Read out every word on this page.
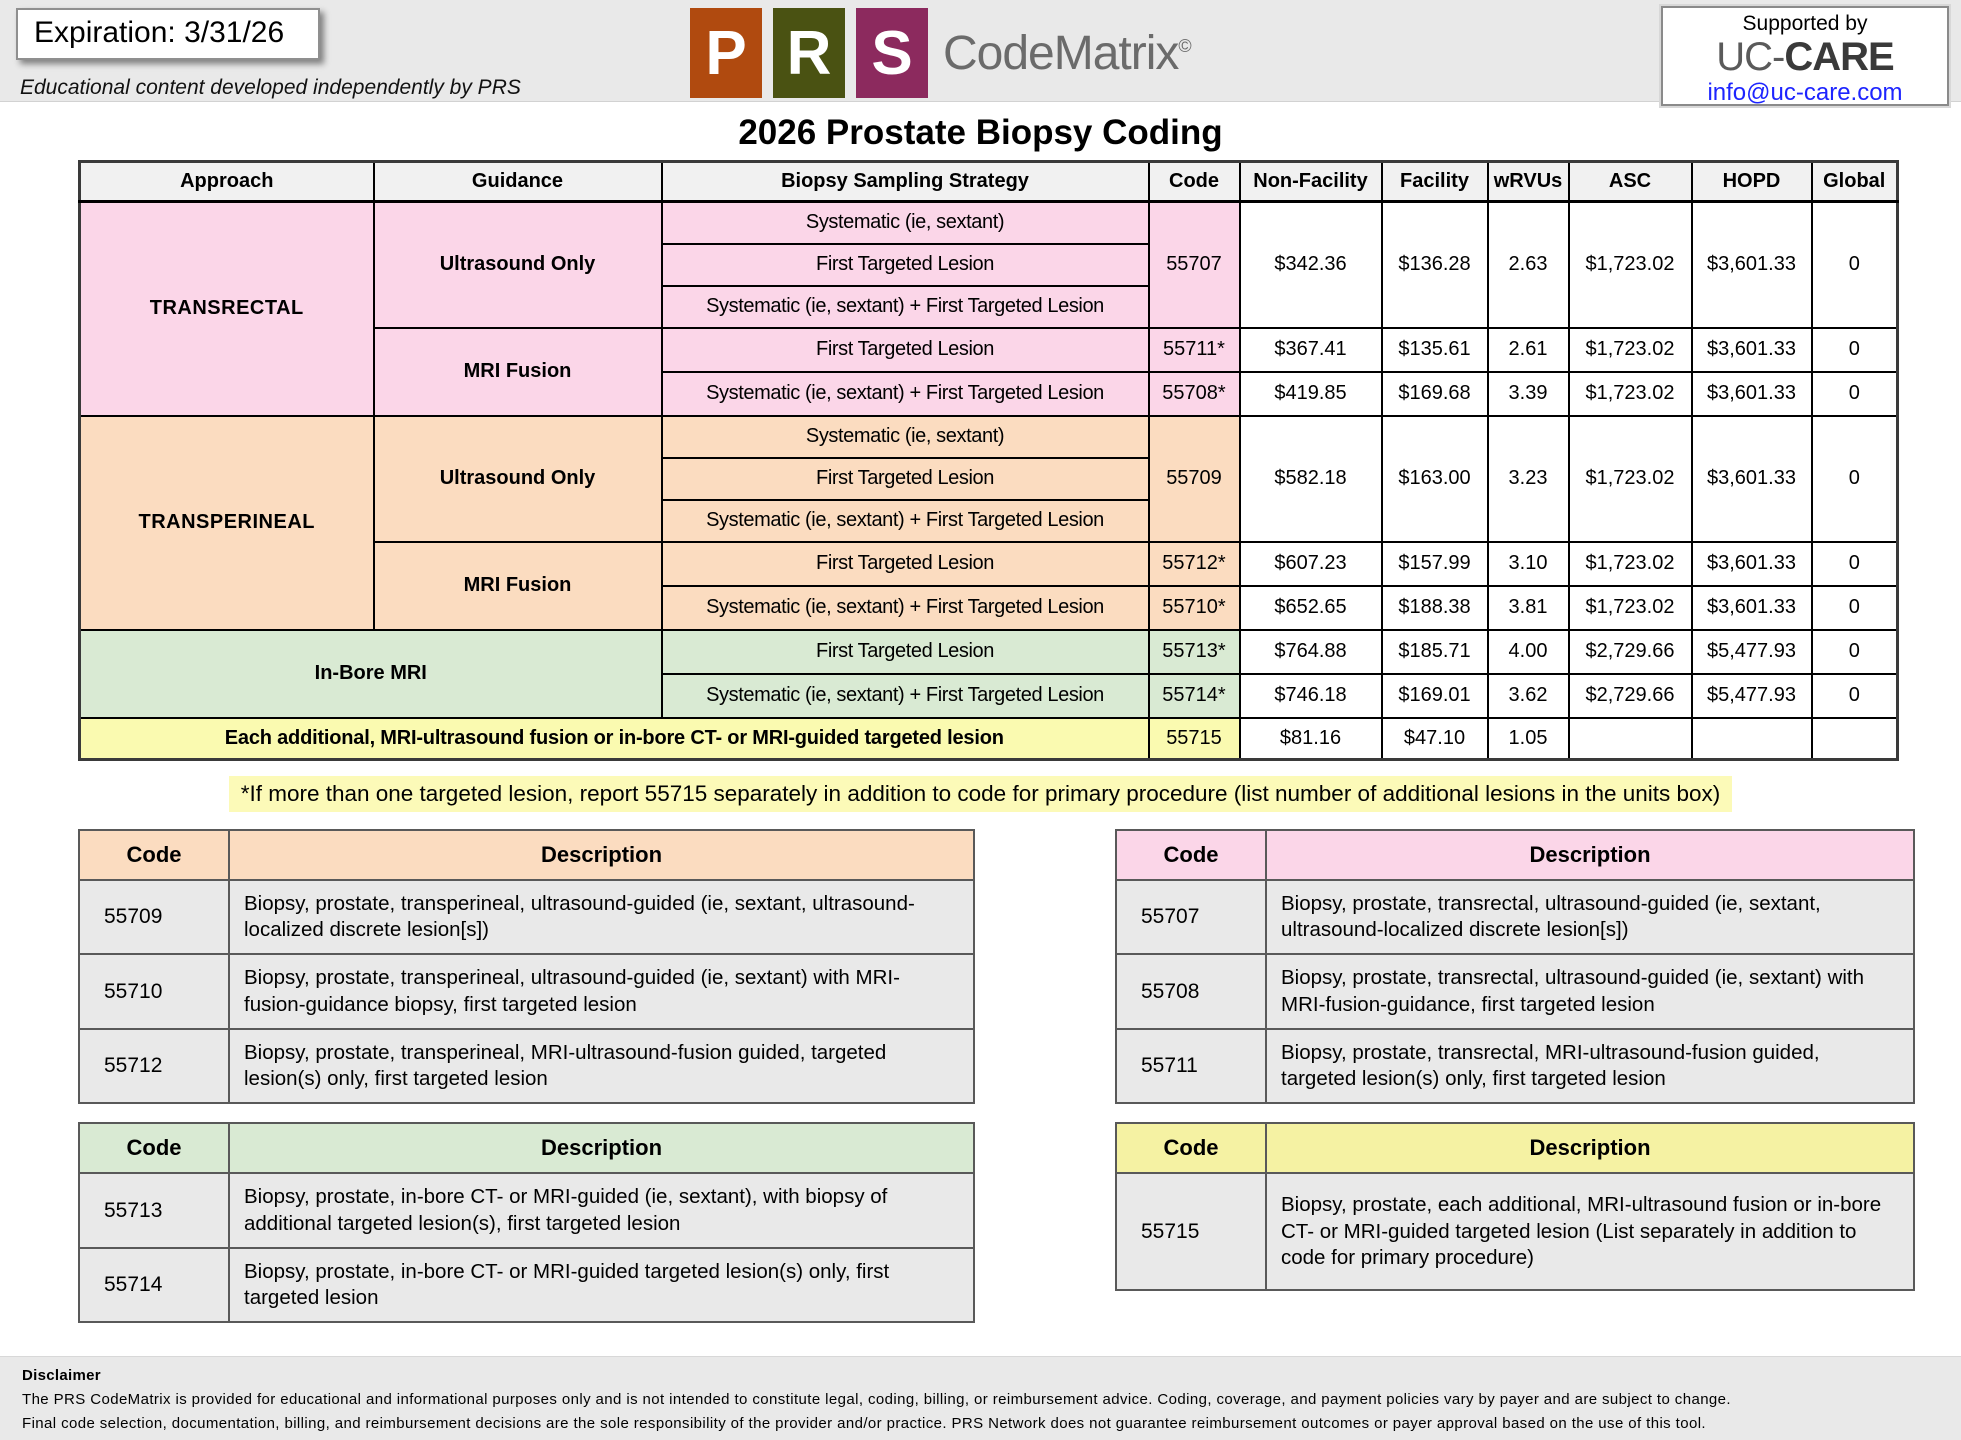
Expiration: 3/31/26
Educational content developed independently by PRS	P R S CodeMatrix©
Supported by
UC-CARE
info@uc-care.com
2026 Prostate Biopsy Coding
Approach	Guidance	Biopsy Sampling Strategy	Code	Non-Facility	Facility	wRVUs	ASC	HOPD	Global
TRANSRECTAL	Ultrasound Only	Systematic (ie, sextant)	55707	$342.36	$136.28	2.63	$1,723.02	$3,601.33	0
		First Targeted Lesion							
		Systematic (ie, sextant) + First Targeted Lesion							
	MRI Fusion	First Targeted Lesion	55711*	$367.41	$135.61	2.61	$1,723.02	$3,601.33	0
		Systematic (ie, sextant) + First Targeted Lesion	55708*	$419.85	$169.68	3.39	$1,723.02	$3,601.33	0
TRANSPERINEAL	Ultrasound Only	Systematic (ie, sextant)	55709	$582.18	$163.00	3.23	$1,723.02	$3,601.33	0
		First Targeted Lesion							
		Systematic (ie, sextant) + First Targeted Lesion							
	MRI Fusion	First Targeted Lesion	55712*	$607.23	$157.99	3.10	$1,723.02	$3,601.33	0
		Systematic (ie, sextant) + First Targeted Lesion	55710*	$652.65	$188.38	3.81	$1,723.02	$3,601.33	0
In-Bore MRI		First Targeted Lesion	55713*	$764.88	$185.71	4.00	$2,729.66	$5,477.93	0
		Systematic (ie, sextant) + First Targeted Lesion	55714*	$746.18	$169.01	3.62	$2,729.66	$5,477.93	0
Each additional, MRI-ultrasound fusion or in-bore CT- or MRI-guided targeted lesion			55715	$81.16	$47.10	1.05			
*If more than one targeted lesion, report 55715 separately in addition to code for primary procedure (list number of additional lesions in the units box)
Code	Description
55709	Biopsy, prostate, transperineal, ultrasound-guided (ie, sextant, ultrasound-localized discrete lesion[s])
55710	Biopsy, prostate, transperineal, ultrasound-guided (ie, sextant) with MRI-fusion-guidance biopsy, first targeted lesion
55712	Biopsy, prostate, transperineal, MRI-ultrasound-fusion guided, targeted lesion(s) only, first targeted lesion
Code	Description
55713	Biopsy, prostate, in-bore CT- or MRI-guided (ie, sextant), with biopsy of additional targeted lesion(s), first targeted lesion
55714	Biopsy, prostate, in-bore CT- or MRI-guided targeted lesion(s) only, first targeted lesion
Code	Description
55707	Biopsy, prostate, transrectal, ultrasound-guided (ie, sextant, ultrasound-localized discrete lesion[s])
55708	Biopsy, prostate, transrectal, ultrasound-guided (ie, sextant) with MRI-fusion-guidance, first targeted lesion
55711	Biopsy, prostate, transrectal, MRI-ultrasound-fusion guided, targeted lesion(s) only, first targeted lesion
Code	Description
55715	Biopsy, prostate, each additional, MRI-ultrasound fusion or in-bore CT- or MRI-guided targeted lesion (List separately in addition to code for primary procedure)
Disclaimer
The PRS CodeMatrix is provided for educational and informational purposes only and is not intended to constitute legal, coding, billing, or reimbursement advice. Coding, coverage, and payment policies vary by payer and are subject to change.
Final code selection, documentation, billing, and reimbursement decisions are the sole responsibility of the provider and/or practice. PRS Network does not guarantee reimbursement outcomes or payer approval based on the use of this tool.
